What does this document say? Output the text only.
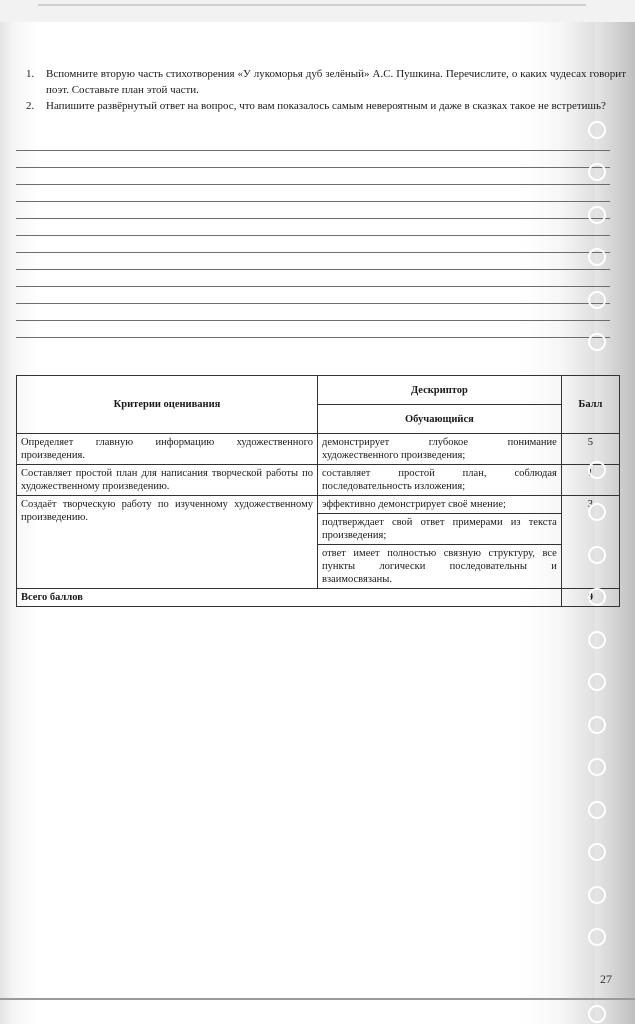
1.	Вспомните вторую часть стихотворения «У лукоморья дуб зелёный» А.С. Пушкина. Перечислите, о каких чудесах говорит поэт. Составьте план этой части.
2.	Напишите развёрнутый ответ на вопрос, что вам показалось самым невероятным и даже в сказках такое не встретишь?
Критерии оценивания	Дескриптор	Балл
	Обучающийся	
Определяет главную информацию художественного произведения.	демонстрирует глубокое понимание художественного произведения;	5
Составляет простой план для написания творческой работы по художественному произведению.	составляет простой план, соблюдая последовательность изложения;	1
Создаёт творческую работу по изученному художественному произведению.	эффективно демонстрирует своё мнение;	3
	подтверждает свой ответ примерами из текста произведения;	
	ответ имеет полностью связную структуру, все пункты логически последовательны и взаимосвязаны.	
Всего баллов		9
27
